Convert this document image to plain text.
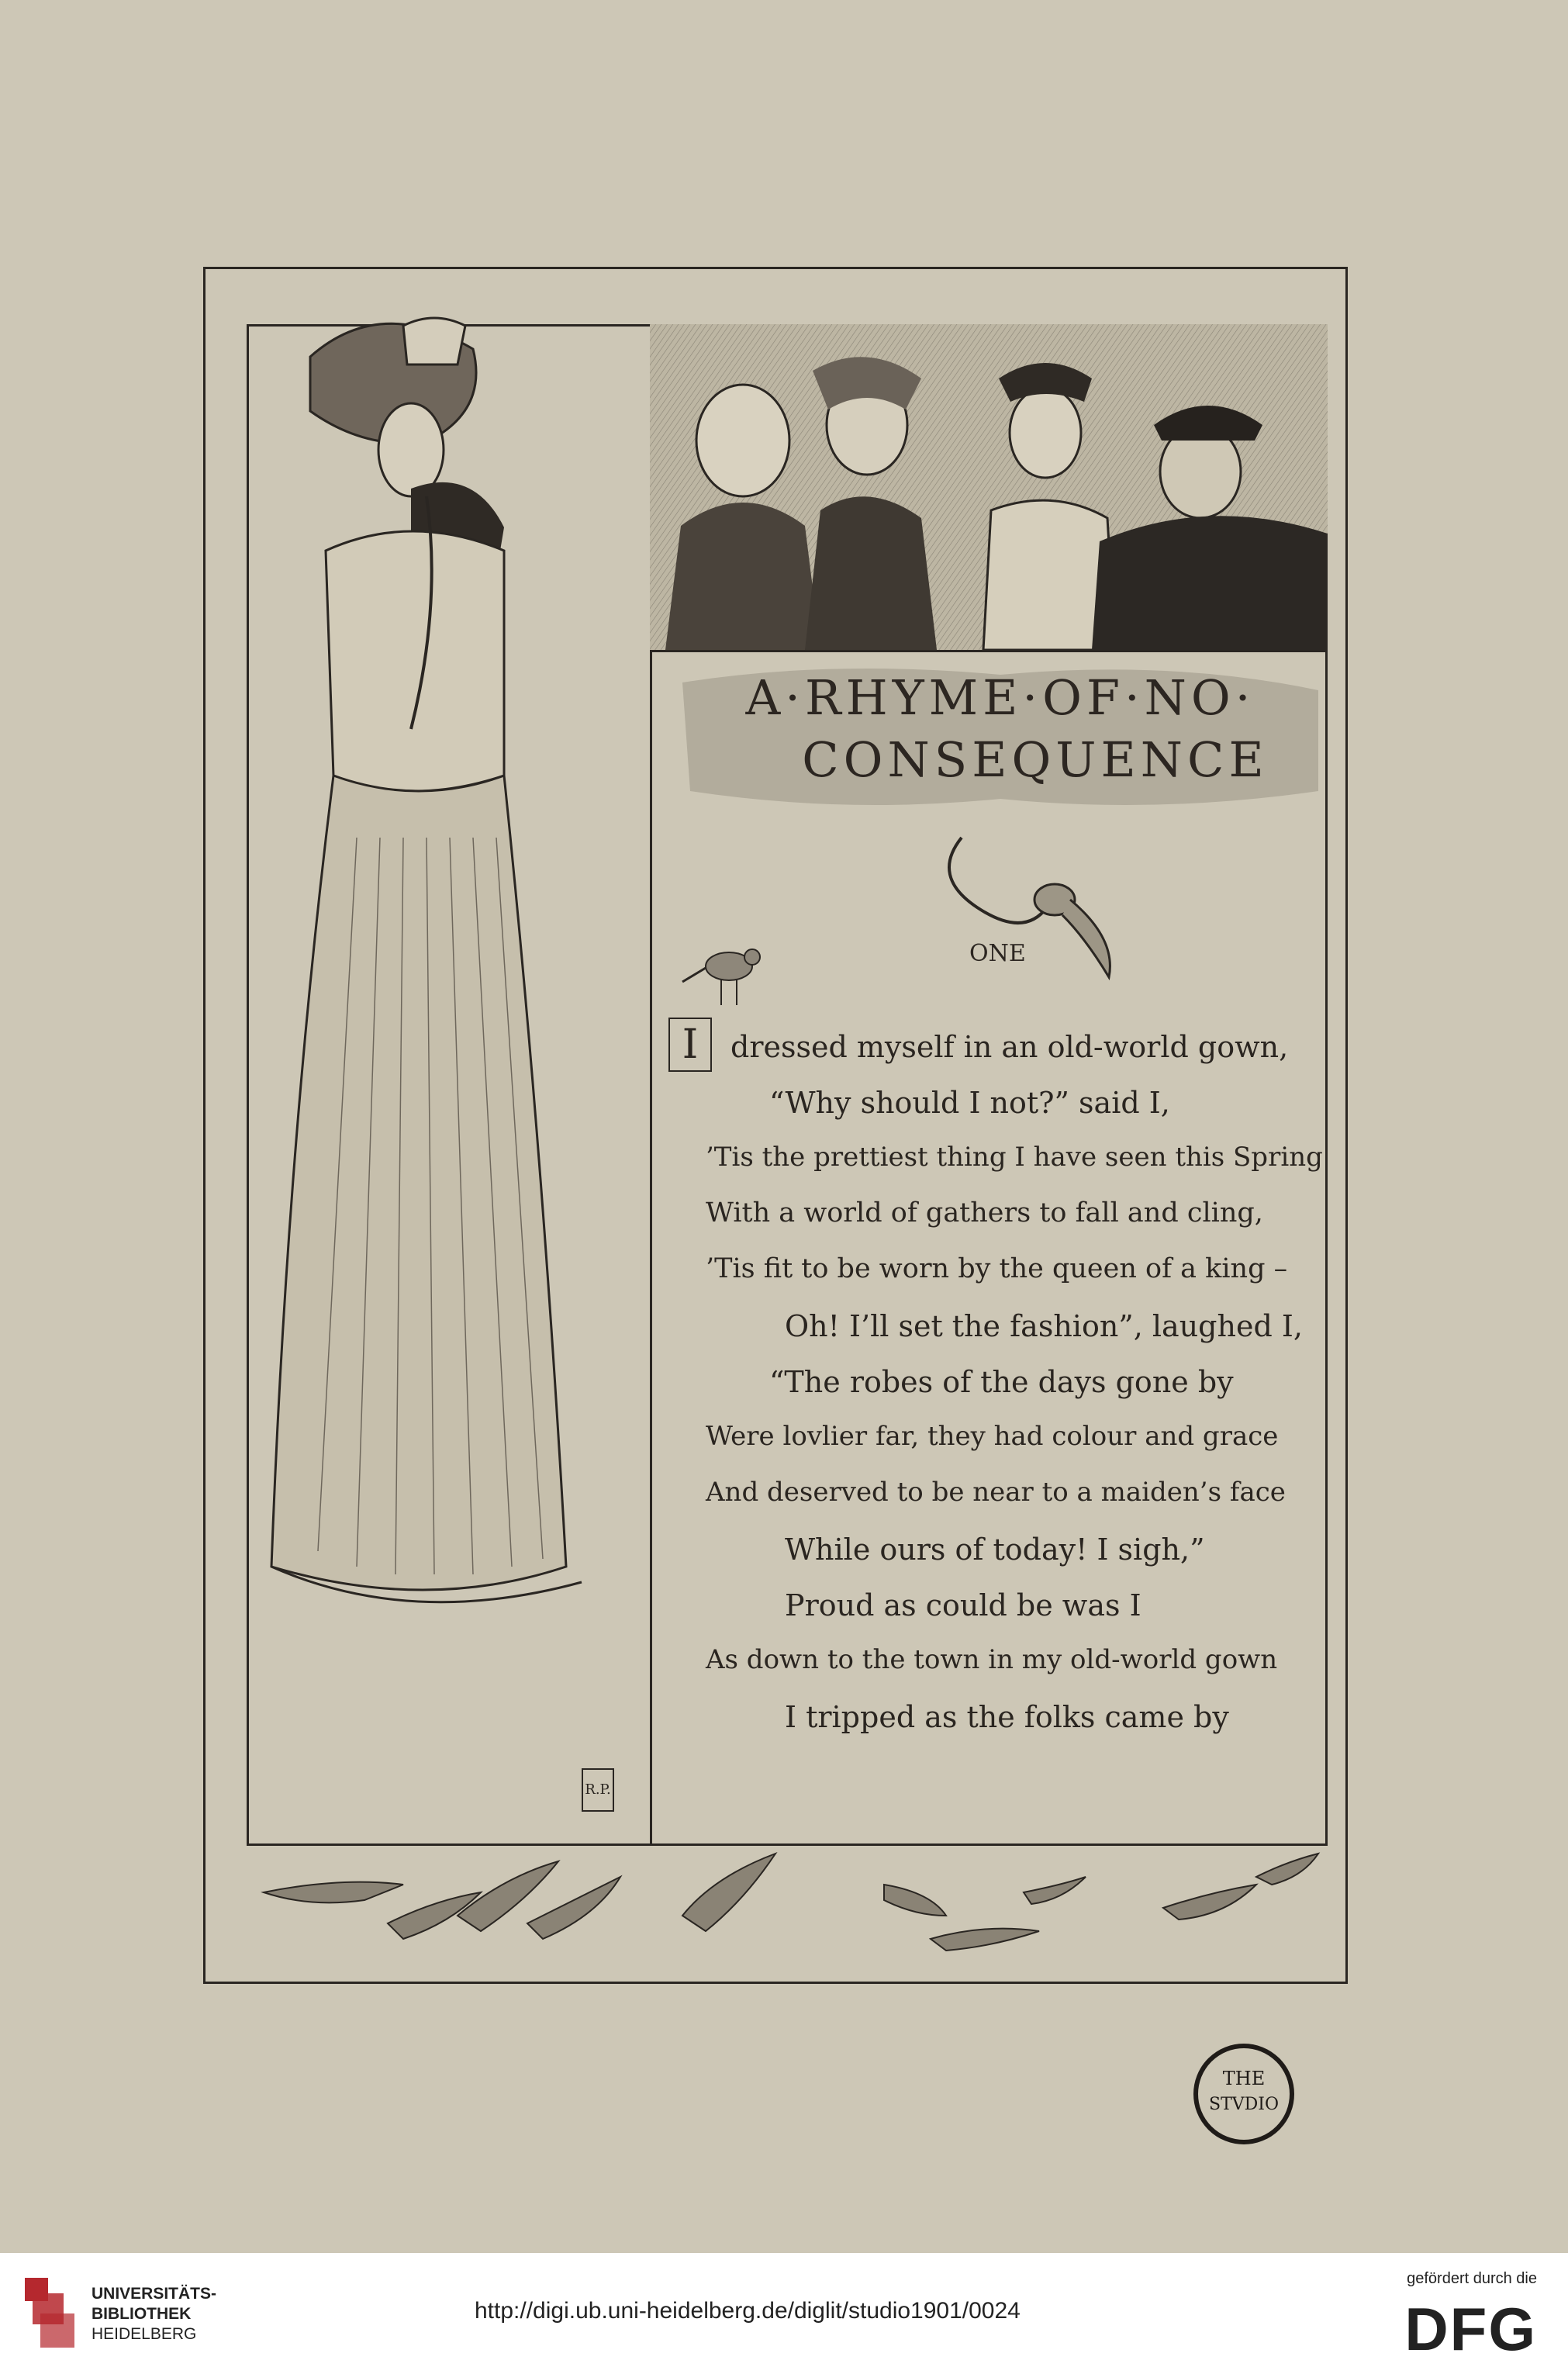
A·RHYME·OF·NO·
CONSEQUENCE
ONE
I	dressed myself in an old-world gown,
“Why should I not?” said I,
’Tis the prettiest thing I have seen this Spring
With a world of gathers to fall and cling,
’Tis fit to be worn by the queen of a king –
Oh! I’ll set the fashion”, laughed I,
“The robes of the days gone by
Were lovlier far, they had colour and grace
And deserved to be near to a maiden’s face
While ours of today! I sigh,”
Proud as could be was I
As down to the town in my old-world gown
I tripped as the folks came by
R.P.
THE
STVDIO
UNIVERSITÄTS-
BIBLIOTHEK
HEIDELBERG
http://digi.ub.uni-heidelberg.de/diglit/studio1901/0024
gefördert durch die
DFG
